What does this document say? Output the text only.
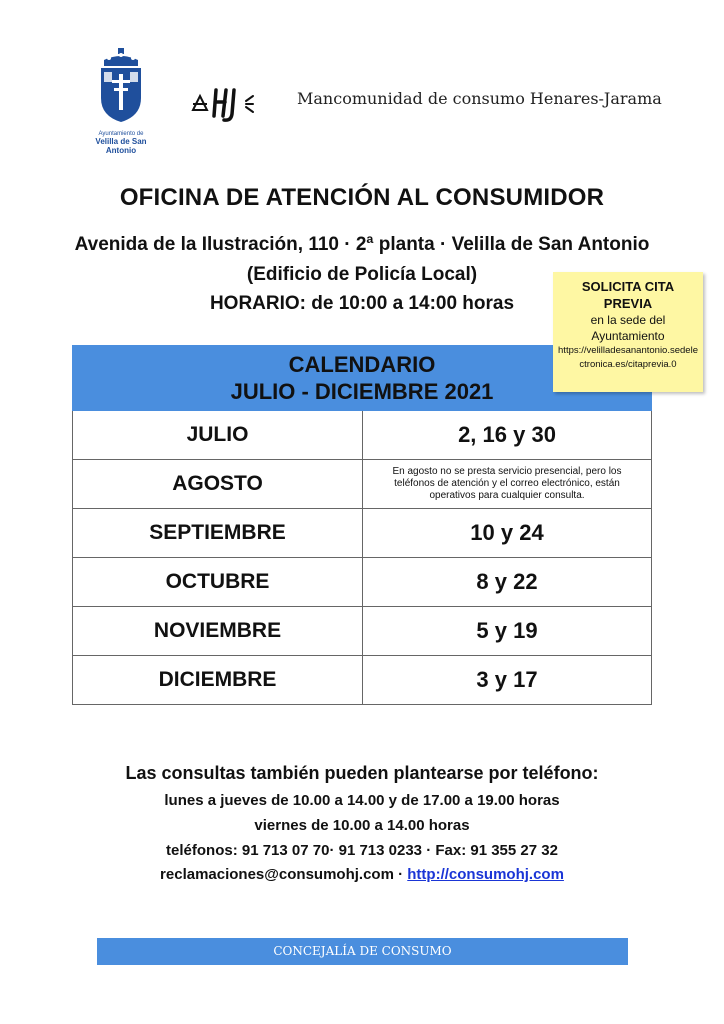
Ayuntamiento de
Velilla de San Antonio
Mancomunidad de consumo Henares-Jarama
OFICINA DE ATENCIÓN AL CONSUMIDOR
Avenida de la Ilustración, 110 · 2ª planta · Velilla de San Antonio
(Edificio de Policía Local)
HORARIO: de 10:00 a 14:00 horas
CALENDARIO
JULIO - DICIEMBRE 2021	

JULIO	2, 16 y 30
AGOSTO	En agosto no se presta servicio presencial, pero los teléfonos de atención y el correo electrónico, están operativos para cualquier consulta.
SEPTIEMBRE	10 y 24
OCTUBRE	8 y 22
NOVIEMBRE	5 y 19
DICIEMBRE	3 y 17
SOLICITA CITA
PREVIA
en la sede del
Ayuntamiento
https://velilladesanantonio.sedelectronica.es/citaprevia.0
Las consultas también pueden plantearse por teléfono:
lunes a jueves de 10.00 a 14.00 y de 17.00 a 19.00 horas
viernes de 10.00 a 14.00 horas
teléfonos: 91 713 07 70· 91 713 0233 · Fax: 91 355 27 32
reclamaciones@consumohj.com · http://consumohj.com
CONCEJALÍA DE CONSUMO
